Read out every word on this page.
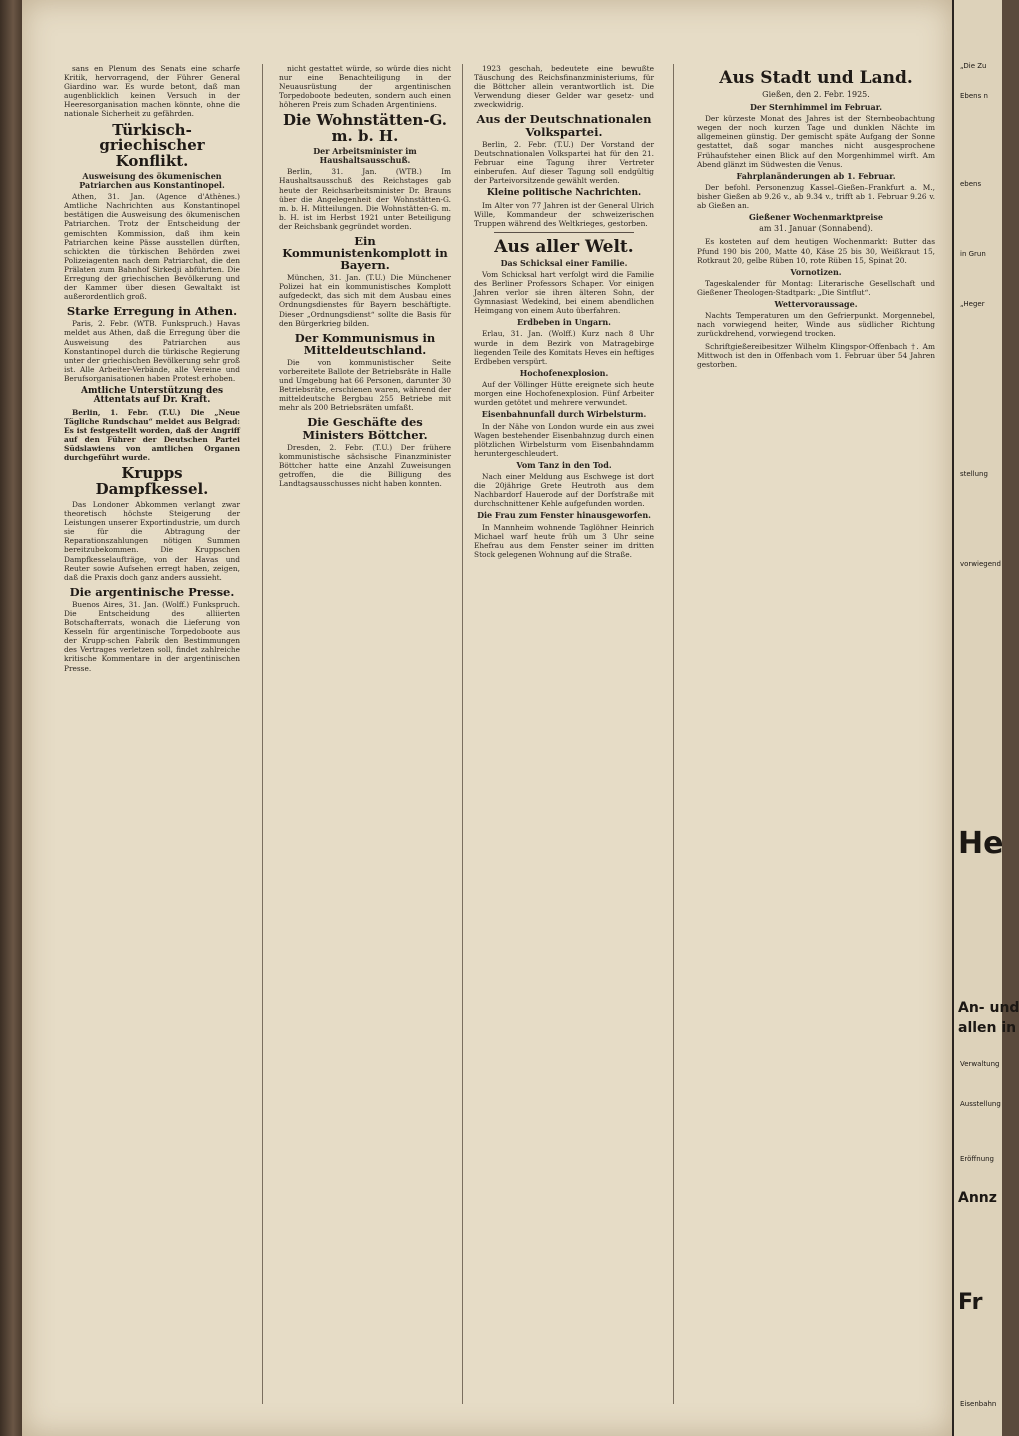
sans en Plenum des Senats eine scharfe Kritik, hervorragend, der Führer General Giardino war. Es wurde betont, daß man augenblicklich keinen Versuch in der Heeresorganisation machen könnte, ohne die nationale Sicherheit zu gefährden.

Türkisch-griechischer Konflikt.
Ausweisung des ökumenischen Patriarchen aus Konstantinopel.

Athen, 31. Jan. (Agence d'Athènes.) Amtliche Nachrichten aus Konstantinopel bestätigen die Ausweisung des ökumenischen Patriarchen. Trotz der Entscheidung der gemischten Kommission, daß ihm kein Patriarchen keine Pässe ausstellen dürften, schickten die türkischen Behörden zwei Polizeiagenten nach dem Patriarchat, die den Prälaten zum Bahnhof Sirkedji abführten. Die Erregung der griechischen Bevölkerung und der Kammer über diesen Gewaltakt ist außerordentlich groß.

Starke Erregung in Athen.

Paris, 2. Febr. (WTB. Funkspruch.) Havas meldet aus Athen, daß die Erregung über die Ausweisung des Patriarchen aus Konstantinopel durch die türkische Regierung unter der griechischen Bevölkerung sehr groß ist. Alle Arbeiter-Verbände, alle Vereine und Berufsorganisationen haben Protest erhoben.

Amtliche Unterstützung des Attentats auf Dr. Kraft.

Berlin, 1. Febr. (T.U.) Die „Neue Tägliche Rundschau“ meldet aus Belgrad: Es ist festgestellt worden, daß der Angriff auf den Führer der Deutschen Partei Südslawiens von amtlichen Organen durchgeführt wurde.

Krupps Dampfkessel.

Das Londoner Abkommen verlangt zwar theoretisch höchste Steigerung der Leistungen unserer Exportindustrie, um durch sie für die Abtragung der Reparationszahlungen nötigen Summen bereitzubekommen. Die Kruppschen Dampfkesselaufträge, von der Havas und Reuter sowie Aufsehen erregt haben, zeigen, daß die Praxis doch ganz anders aussieht.

Die argentinische Presse.

Buenos Aires, 31. Jan. (Wolff.) Funkspruch. Die Entscheidung des alliierten Botschafterrats, wonach die Lieferung von Kesseln für argentinische Torpedoboote aus der Krupp-schen Fabrik den Bestimmungen des Vertrages verletzen soll, findet zahlreiche kritische Kommentare in der argentinischen Presse.

nicht gestattet würde, so würde dies nicht nur eine Benachteiligung in der Neuausrüstung der argentinischen Torpedoboote bedeuten, sondern auch einen höheren Preis zum Schaden Argentiniens.

Die Wohnstätten-G. m. b. H.
Der Arbeitsminister im Haushaltsausschuß.

Berlin, 31. Jan. (WTB.) Im Haushaltsausschuß des Reichstages gab heute der Reichsarbeitsminister Dr. Brauns über die Angelegenheit der Wohnstätten-G. m. b. H. Mitteilungen. Die Wohnstätten-G. m. b. H. ist im Herbst 1921 unter Beteiligung der Reichsbank gegründet worden.

Ein Kommunistenkomplott in Bayern.

München, 31. Jan. (T.U.) Die Münchener Polizei hat ein kommunistisches Komplott aufgedeckt, das sich mit dem Ausbau eines Ordnungsdienstes für Bayern beschäftigte. Dieser „Ordnungsdienst“ sollte die Basis für den Bürgerkrieg bilden.

Der Kommunismus in Mitteldeutschland.

Die von kommunistischer Seite vorbereitete Ballote der Betriebsräte in Halle und Umgebung hat 66 Personen, darunter 30 Betriebsräte, erschienen waren, während der mitteldeutsche Bergbau 255 Betriebe mit mehr als 200 Betriebsräten umfaßt.

Die Geschäfte des Ministers Böttcher.

Dresden, 2. Febr. (T.U.) Der frühere kommunistische sächsische Finanzminister Böttcher hatte eine Anzahl Zuweisungen getroffen, die die Billigung des Landtagsausschusses nicht haben konnten.

1923 geschah, bedeutete eine bewußte Täuschung des Reichsfinanzministeriums, für die Böttcher allein verantwortlich ist. Die Verwendung dieser Gelder war gesetz- und zweckwidrig.

Aus der Deutschnationalen Volkspartei.

Berlin, 2. Febr. (T.U.) Der Vorstand der Deutschnationalen Volkspartei hat für den 21. Februar eine Tagung ihrer Vertreter einberufen. Auf dieser Tagung soll endgültig der Parteivorsitzende gewählt werden.

Kleine politische Nachrichten.

Im Alter von 77 Jahren ist der General Ulrich Wille, Kommandeur der schweizerischen Truppen während des Weltkrieges, gestorben.

Aus aller Welt.
Das Schicksal einer Familie.

Vom Schicksal hart verfolgt wird die Familie des Berliner Professors Schaper. Vor einigen Jahren verlor sie ihren älteren Sohn, der Gymnasiast Wedekind, bei einem abendlichen Heimgang von einem Auto überfahren.

Erdbeben in Ungarn.

Erlau, 31. Jan. (Wolff.) Kurz nach 8 Uhr wurde in dem Bezirk von Matragebirge liegenden Teile des Komitats Heves ein heftiges Erdbeben verspürt.

Hochofenexplosion.

Auf der Völlinger Hütte ereignete sich heute morgen eine Hochofenexplosion. Fünf Arbeiter wurden getötet und mehrere verwundet.

Eisenbahnunfall durch Wirbelsturm.

In der Nähe von London wurde ein aus zwei Wagen bestehender Eisenbahnzug durch einen plötzlichen Wirbelsturm vom Eisenbahndamm heruntergeschleudert.

Vom Tanz in den Tod.

Nach einer Meldung aus Eschwege ist dort die 20jährige Grete Heutroth aus dem Nachbardorf Hauerode auf der Dorfstraße mit durchschnittener Kehle aufgefunden worden.

Die Frau zum Fenster hinausgeworfen.

In Mannheim wohnende Taglöhner Heinrich Michael warf heute früh um 3 Uhr seine Ehefrau aus dem Fenster seiner im dritten Stock gelegenen Wohnung auf die Straße.

Aus Stadt und Land.
Gießen, den 2. Febr. 1925.
Der Sternhimmel im Februar.

Der kürzeste Monat des Jahres ist der Sternbeobachtung wegen der noch kurzen Tage und dunklen Nächte im allgemeinen günstig. Der gemischt späte Aufgang der Sonne gestattet, daß sogar manches nicht ausgesprochene Frühaufsteher einen Blick auf den Morgenhimmel wirft. Am Abend glänzt im Südwesten die Venus.

Fahrplanänderungen ab 1. Februar.

Der befohl. Personenzug Kassel–Gießen–Frankfurt a. M., bisher Gießen ab 9.26 v., ab 9.34 v., trifft ab 1. Februar 9.26 v. ab Gießen an.

Gießener Wochenmarktpreise
am 31. Januar (Sonnabend).

Es kosteten auf dem heutigen Wochenmarkt: Butter das Pfund 190 bis 200, Matte 40, Käse 25 bis 30, Weißkraut 15, Rotkraut 20, gelbe Rüben 10, rote Rüben 15, Spinat 20.

Vornotizen.

Tageskalender für Montag: Literarische Gesellschaft und Gießener Theologen-Stadtpark: „Die Sintflut“.

Wettervoraussage.

Nachts Temperaturen um den Gefrierpunkt. Morgennebel, nach vorwiegend heiter, Winde aus südlicher Richtung zurückdrehend, vorwiegend trocken.

Schriftgießereibesitzer Wilhelm Klingspor-Offenbach †. Am Mittwoch ist den in Offenbach vom 1. Februar über 54 Jahren gestorben.

„Die Zu
Ebens n
ebens
in Grun
„Heger
stellung
vorwiegend
He
An- und
allen in
Verwaltung
Ausstellung
Eröffnung
Annz
Fr
Eisenbahn
